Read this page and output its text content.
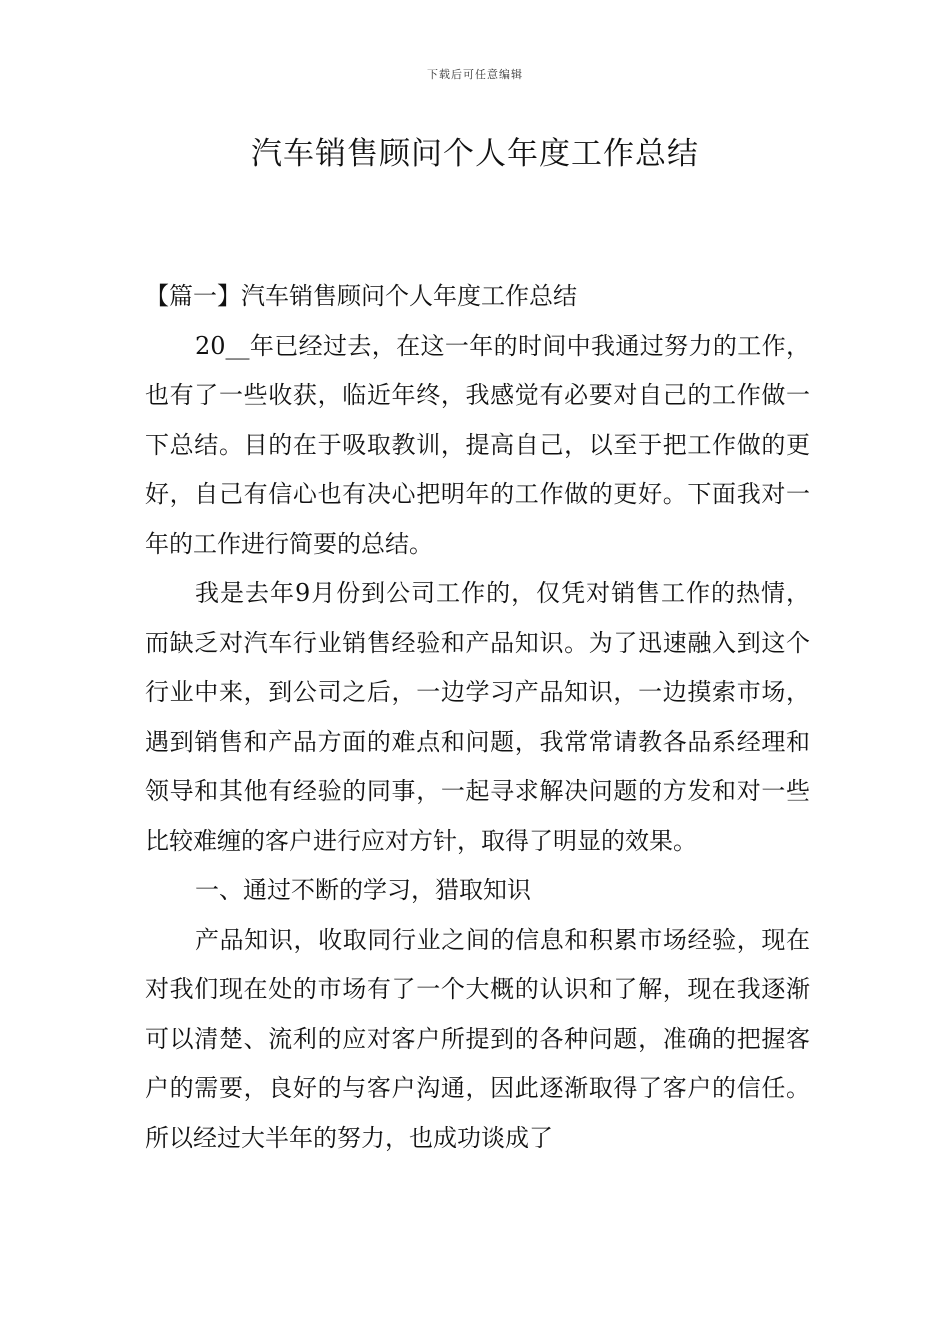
下载后可任意编辑
汽车销售顾问个人年度工作总结

【篇一】汽车销售顾问个人年度工作总结

20__年已经过去，在这一年的时间中我通过努力的工作，也有了一些收获，临近年终，我感觉有必要对自己的工作做一下总结。目的在于吸取教训，提高自己，以至于把工作做的更好，自己有信心也有决心把明年的工作做的更好。下面我对一年的工作进行简要的总结。

我是去年9月份到公司工作的，仅凭对销售工作的热情，而缺乏对汽车行业销售经验和产品知识。为了迅速融入到这个行业中来，到公司之后，一边学习产品知识，一边摸索市场，遇到销售和产品方面的难点和问题，我常常请教各品系经理和领导和其他有经验的同事，一起寻求解决问题的方发和对一些比较难缠的客户进行应对方针，取得了明显的效果。

一、通过不断的学习，猎取知识

产品知识，收取同行业之间的信息和积累市场经验，现在对我们现在处的市场有了一个大概的认识和了解，现在我逐渐可以清楚、流利的应对客户所提到的各种问题，准确的把握客户的需要，良好的与客户沟通，因此逐渐取得了客户的信任。所以经过大半年的努力，也成功谈成了
